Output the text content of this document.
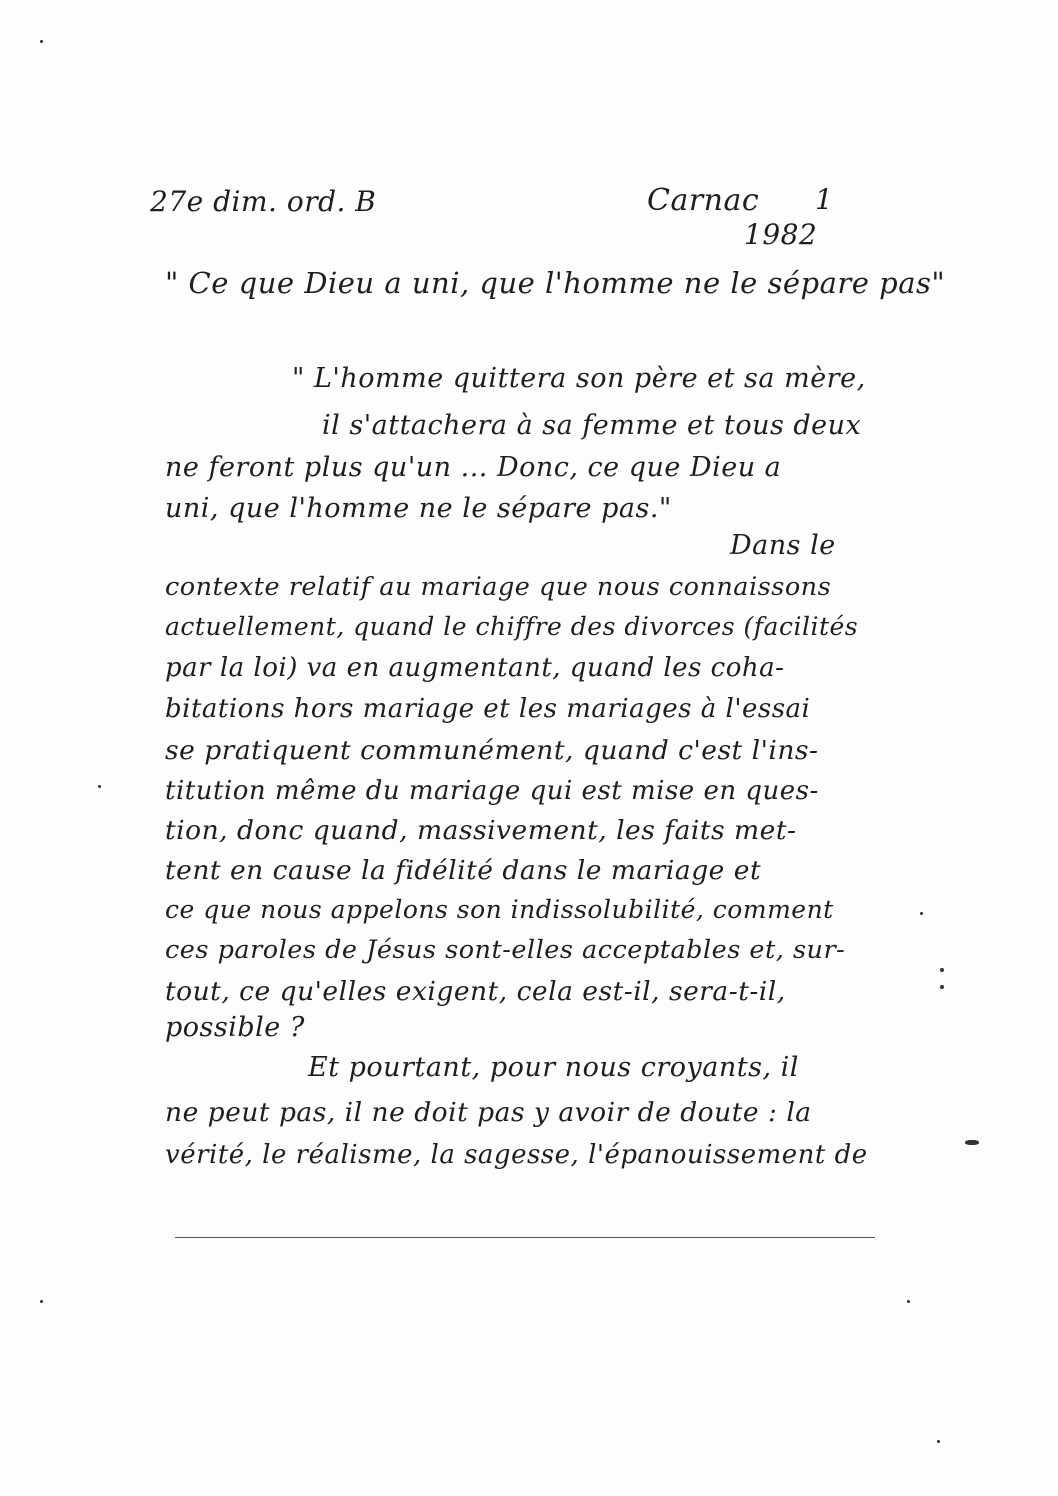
27e dim. ord. B	Carnac 1
1982
" Ce que Dieu a uni, que l'homme ne le sépare pas"
" L'homme quittera son père et sa mère,
il s'attachera à sa femme et tous deux
ne feront plus qu'un ... Donc, ce que Dieu a
uni, que l'homme ne le sépare pas."
Dans le
contexte relatif au mariage que nous connaissons
actuellement, quand le chiffre des divorces (facilités
par la loi) va en augmentant, quand les coha-
bitations hors mariage et les mariages à l'essai
se pratiquent communément, quand c'est l'ins-
titution même du mariage qui est mise en ques-
tion, donc quand, massivement, les faits met-
tent en cause la fidélité dans le mariage et
ce que nous appelons son indissolubilité, comment
ces paroles de Jésus sont-elles acceptables et, sur-
tout, ce qu'elles exigent, cela est-il, sera-t-il,
possible ?
Et pourtant, pour nous croyants, il
ne peut pas, il ne doit pas y avoir de doute : la
vérité, le réalisme, la sagesse, l'épanouissement de
